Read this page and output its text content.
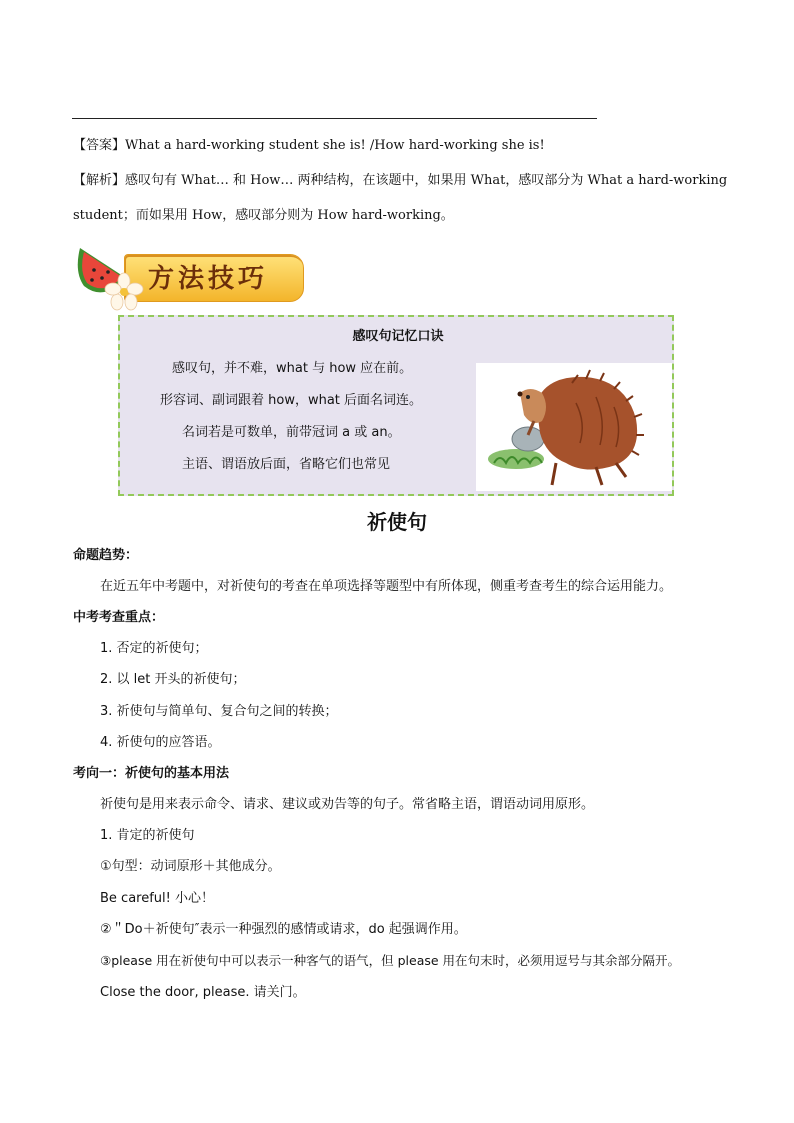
【答案】What a hard-working student she is! /How hard-working she is!
【解析】感叹句有 What… 和 How… 两种结构，在该题中，如果用 What，感叹部分为 What a hard-working
student；而如果用 How，感叹部分则为 How hard-working。
方法技巧
感叹句记忆口诀
感叹句，并不难，what 与 how 应在前。
形容词、副词跟着 how，what 后面名词连。
名词若是可数单，前带冠词 a 或 an。
主语、谓语放后面，省略它们也常见
祈使句
命题趋势：
在近五年中考题中，对祈使句的考查在单项选择等题型中有所体现，侧重考查考生的综合运用能力。
中考考查重点：
1. 否定的祈使句；
2. 以 let 开头的祈使句；
3. 祈使句与简单句、复合句之间的转换；
4. 祈使句的应答语。
考向一：祈使句的基本用法
祈使句是用来表示命令、请求、建议或劝告等的句子。常省略主语，谓语动词用原形。
1. 肯定的祈使句
①句型：动词原形＋其他成分。
Be careful! 小心！
②＂Do＋祈使句″表示一种强烈的感情或请求，do 起强调作用。
③please 用在祈使句中可以表示一种客气的语气，但 please 用在句末时，必须用逗号与其余部分隔开。
Close the door, please. 请关门。
